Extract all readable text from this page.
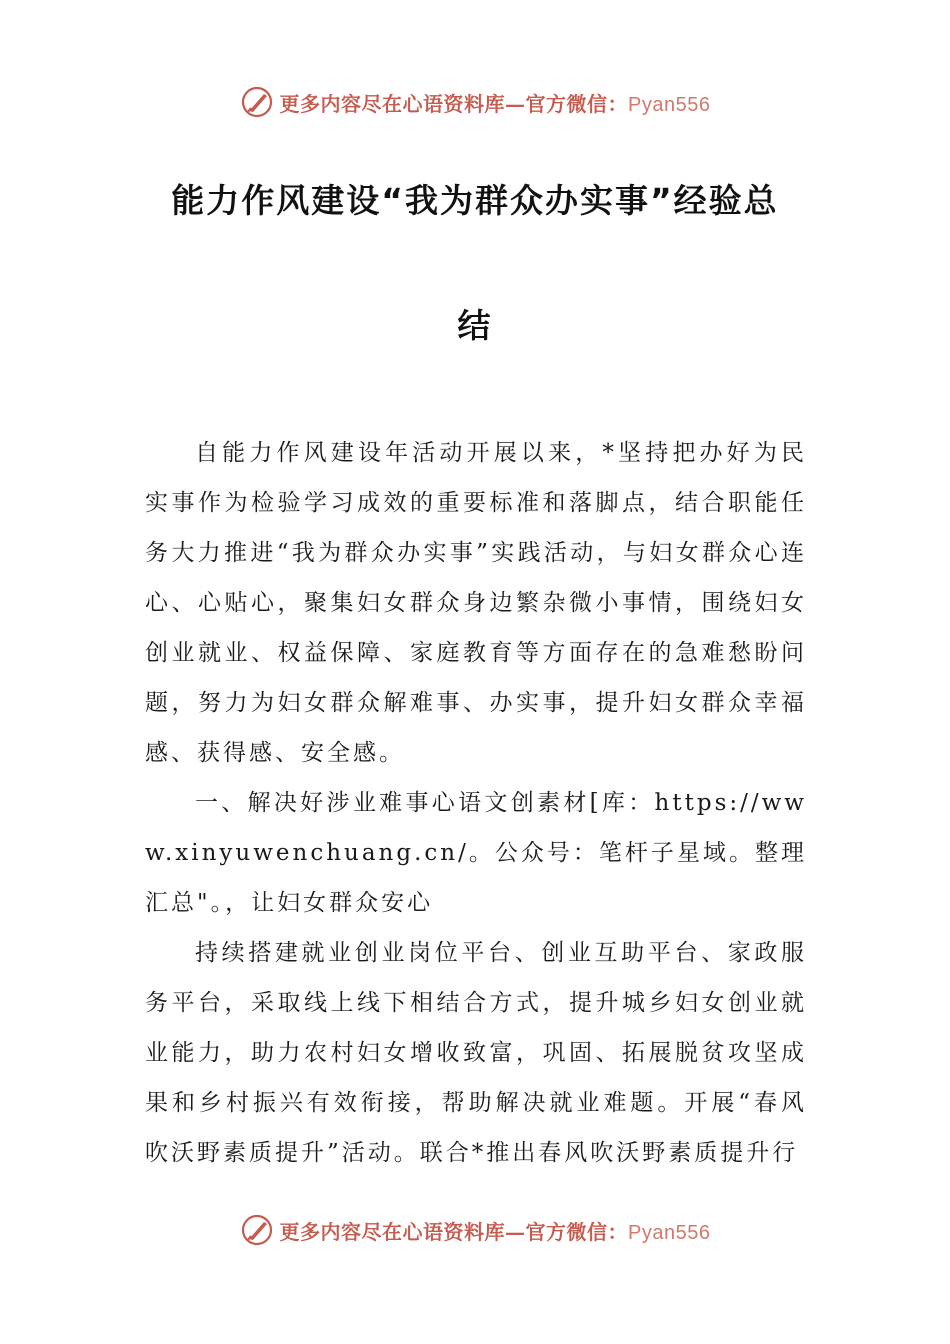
更多内容尽在心语资料库—官方微信：Pyan556
能力作风建设“我为群众办实事”经验总
结

自能力作风建设年活动开展以来，*坚持把办好为民实事作为检验学习成效的重要标准和落脚点，结合职能任务大力推进“我为群众办实事”实践活动，与妇女群众心连心、心贴心，聚集妇女群众身边繁杂微小事情，围绕妇女创业就业、权益保障、家庭教育等方面存在的急难愁盼问题，努力为妇女群众解难事、办实事，提升妇女群众幸福感、获得感、安全感。

一、解决好涉业难事心语文创素材[库：https://www.xinyuwenchuang.cn/。公众号：笔杆子星域。整理汇总"。，让妇女群众安心

持续搭建就业创业岗位平台、创业互助平台、家政服务平台，采取线上线下相结合方式，提升城乡妇女创业就业能力，助力农村妇女增收致富，巩固、拓展脱贫攻坚成果和乡村振兴有效衔接，帮助解决就业难题。开展“春风吹沃野素质提升”活动。联合*推出春风吹沃野素质提升行

更多内容尽在心语资料库—官方微信：Pyan556
